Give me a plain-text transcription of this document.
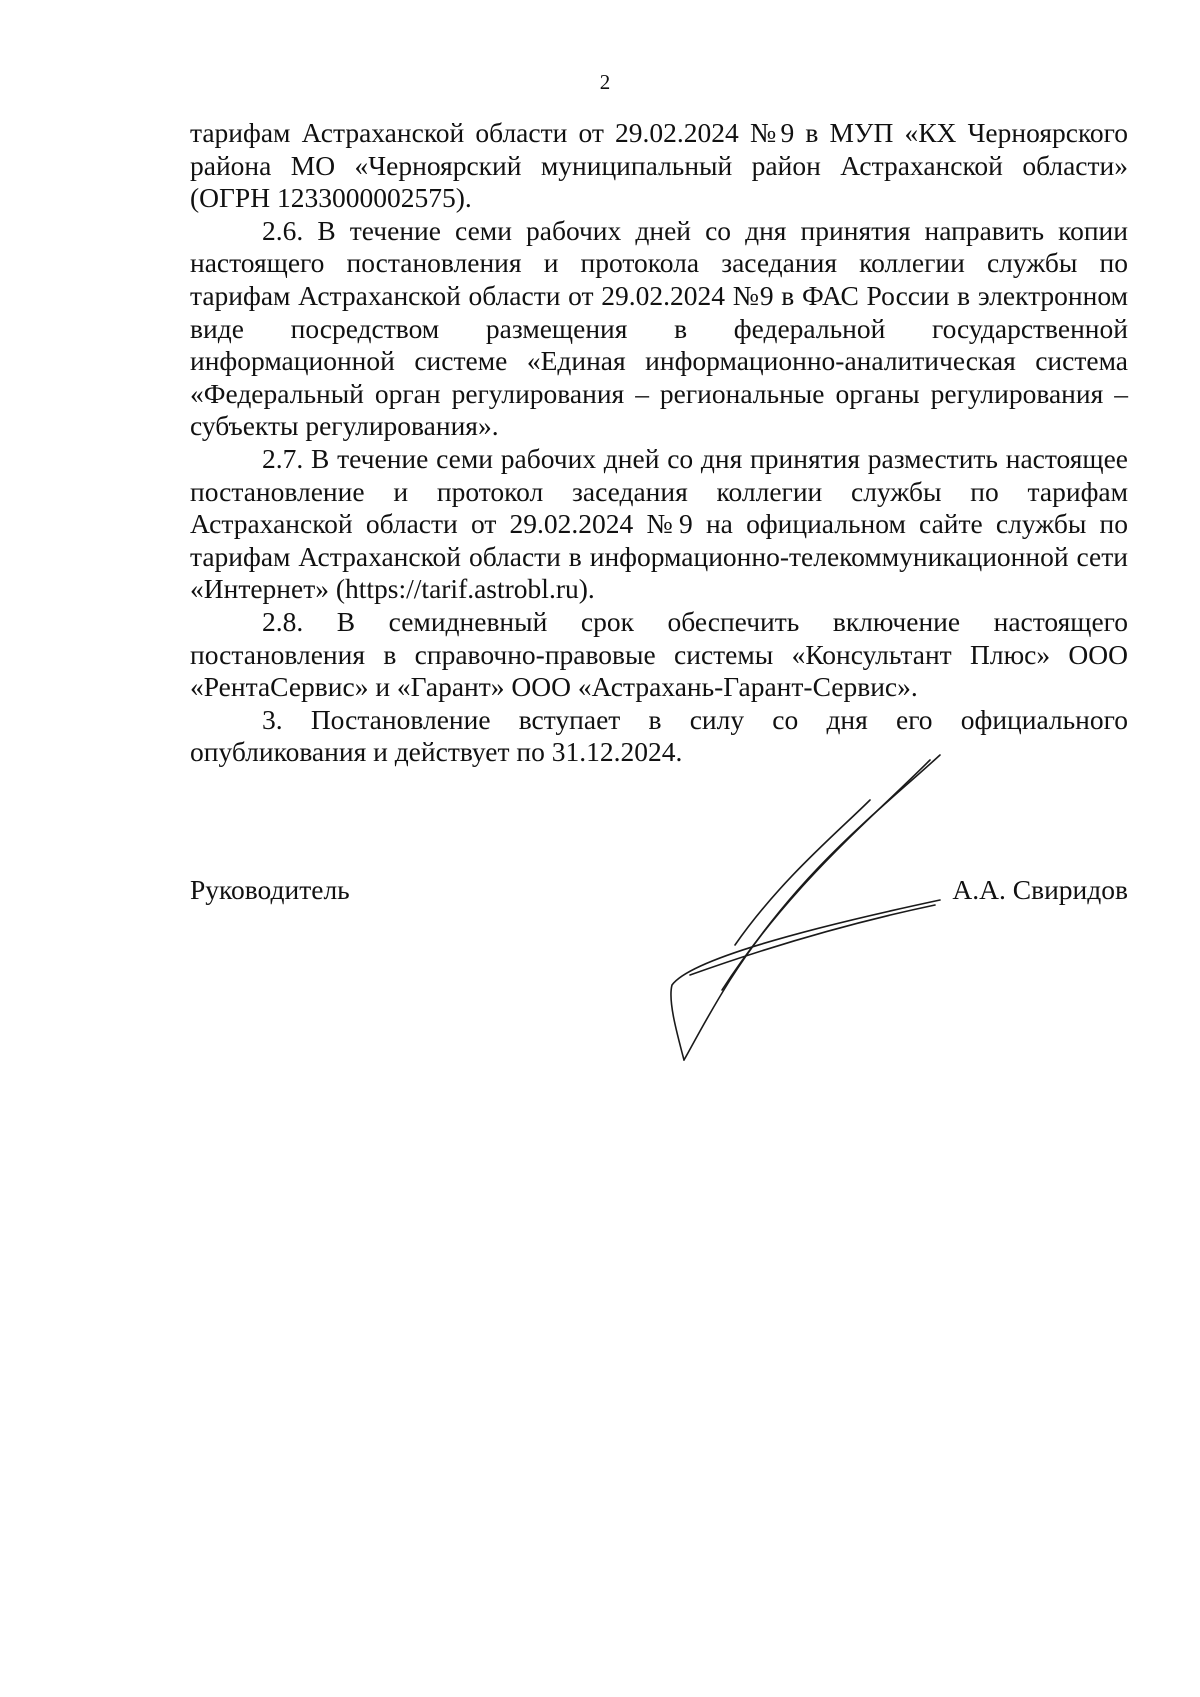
2

тарифам Астраханской области от 29.02.2024 №9 в МУП «КХ Черноярского района МО «Черноярский муниципальный район Астраханской области» (ОГРН 1233000002575).

2.6. В течение семи рабочих дней со дня принятия направить копии настоящего постановления и протокола заседания коллегии службы по тарифам Астраханской области от 29.02.2024 №9 в ФАС России в электронном виде посредством размещения в федеральной государственной информационной системе «Единая информационно-аналитическая система «Федеральный орган регулирования – региональные органы регулирования – субъекты регулирования».

2.7. В течение семи рабочих дней со дня принятия разместить настоящее постановление и протокол заседания коллегии службы по тарифам Астраханской области от 29.02.2024 №9 на официальном сайте службы по тарифам Астраханской области в информационно-телекоммуникационной сети «Интернет» (https://tarif.astrobl.ru).

2.8. В семидневный срок обеспечить включение настоящего постановления в справочно-правовые системы «Консультант Плюс» ООО «РентаСервис» и «Гарант» ООО «Астрахань-Гарант-Сервис».

3. Постановление вступает в силу со дня его официального опубликования и действует по 31.12.2024.

Руководитель	А.А. Свиридов
